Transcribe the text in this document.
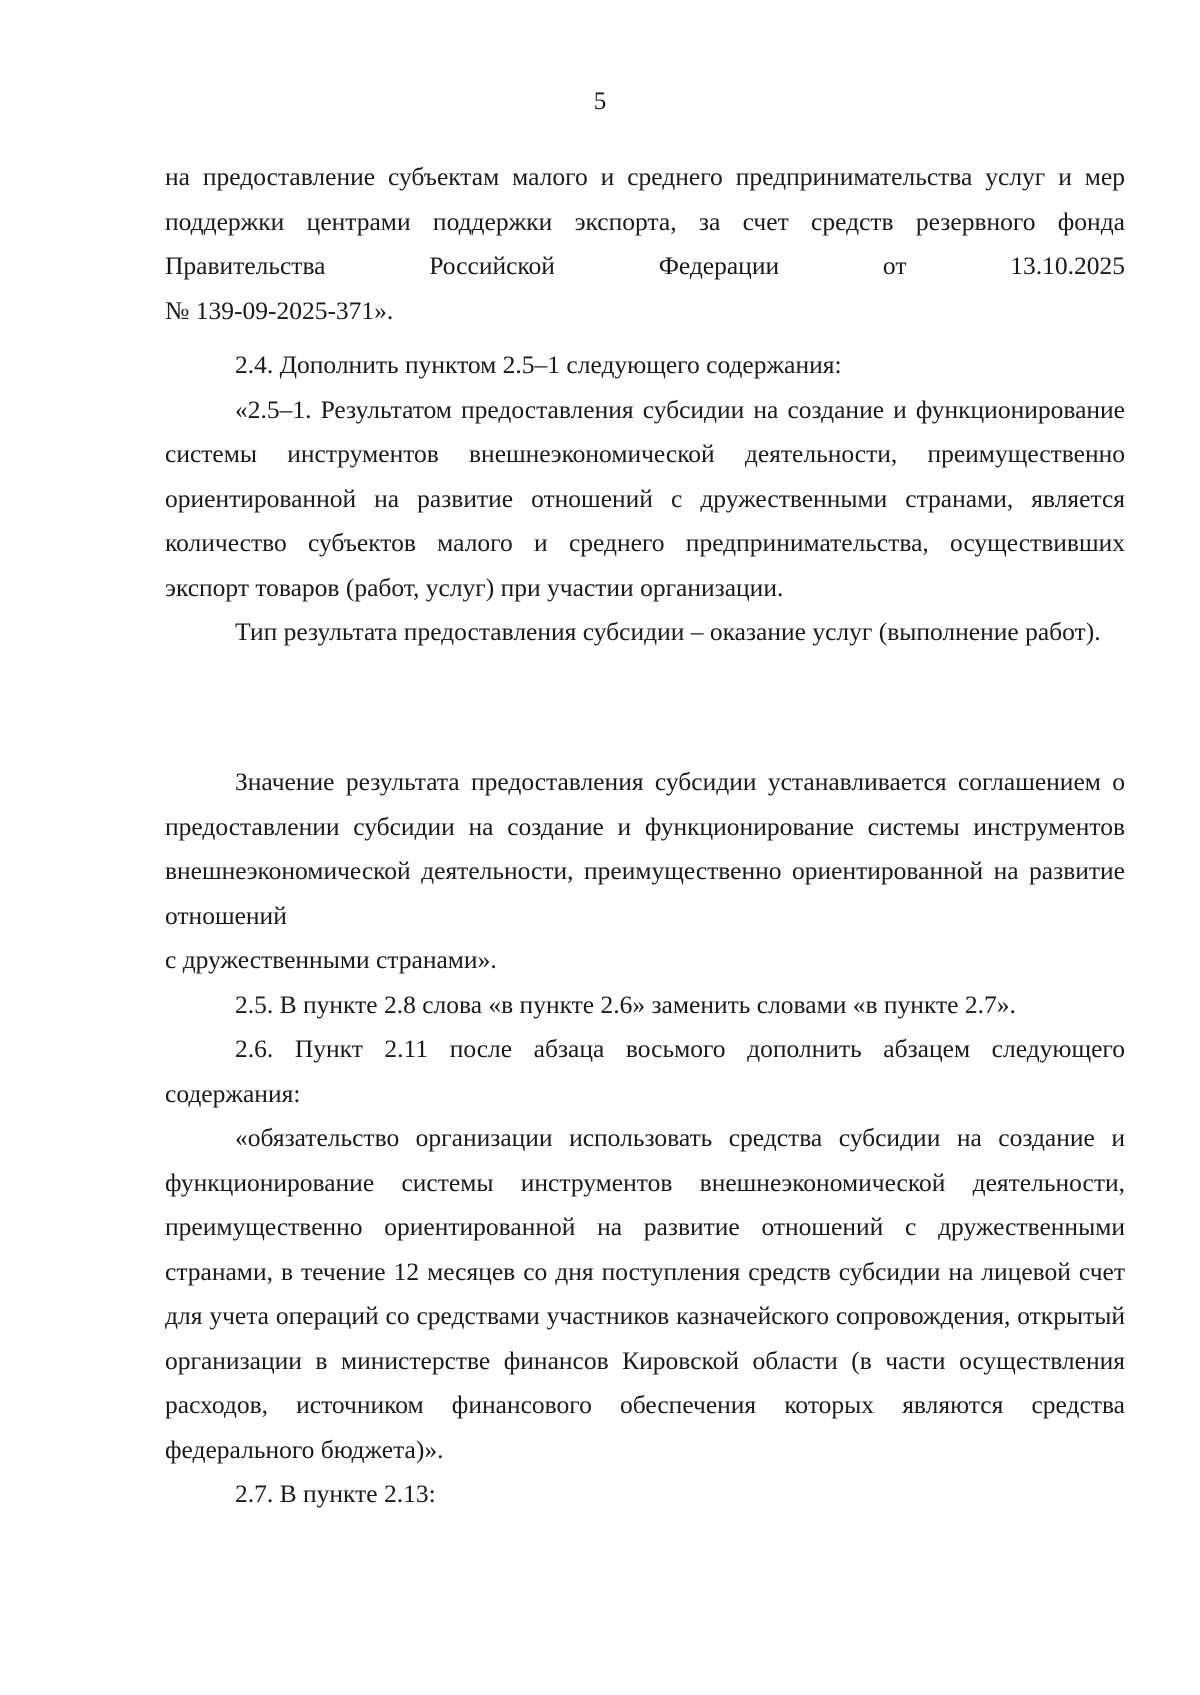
5

на предоставление субъектам малого и среднего предпринимательства услуг и мер поддержки центрами поддержки экспорта, за счет средств резервного фонда Правительства Российской Федерации от 13.10.2025

№ 139-09-2025-371».

2.4. Дополнить пунктом 2.5–1 следующего содержания:

«2.5–1. Результатом предоставления субсидии на создание и функционирование системы инструментов внешнеэкономической деятельности, преимущественно ориентированной на развитие отношений с дружественными странами, является количество субъектов малого и среднего предпринимательства, осуществивших экспорт товаров (работ, услуг) при участии организации.

Тип результата предоставления субсидии – оказание услуг (выполнение работ).

Значение результата предоставления субсидии устанавливается соглашением о предоставлении субсидии на создание и функционирование системы инструментов внешнеэкономической деятельности, преимущественно ориентированной на развитие отношений

с дружественными странами».

2.5. В пункте 2.8 слова «в пункте 2.6» заменить словами «в пункте 2.7».

2.6. Пункт 2.11 после абзаца восьмого дополнить абзацем следующего содержания:

«обязательство организации использовать средства субсидии на создание и функционирование системы инструментов внешнеэкономической деятельности, преимущественно ориентированной на развитие отношений с дружественными странами, в течение 12 месяцев со дня поступления средств субсидии на лицевой счет для учета операций со средствами участников казначейского сопровождения, открытый организации в министерстве финансов Кировской области (в части осуществления расходов, источником финансового обеспечения которых являются средства федерального бюджета)».

2.7. В пункте 2.13:
